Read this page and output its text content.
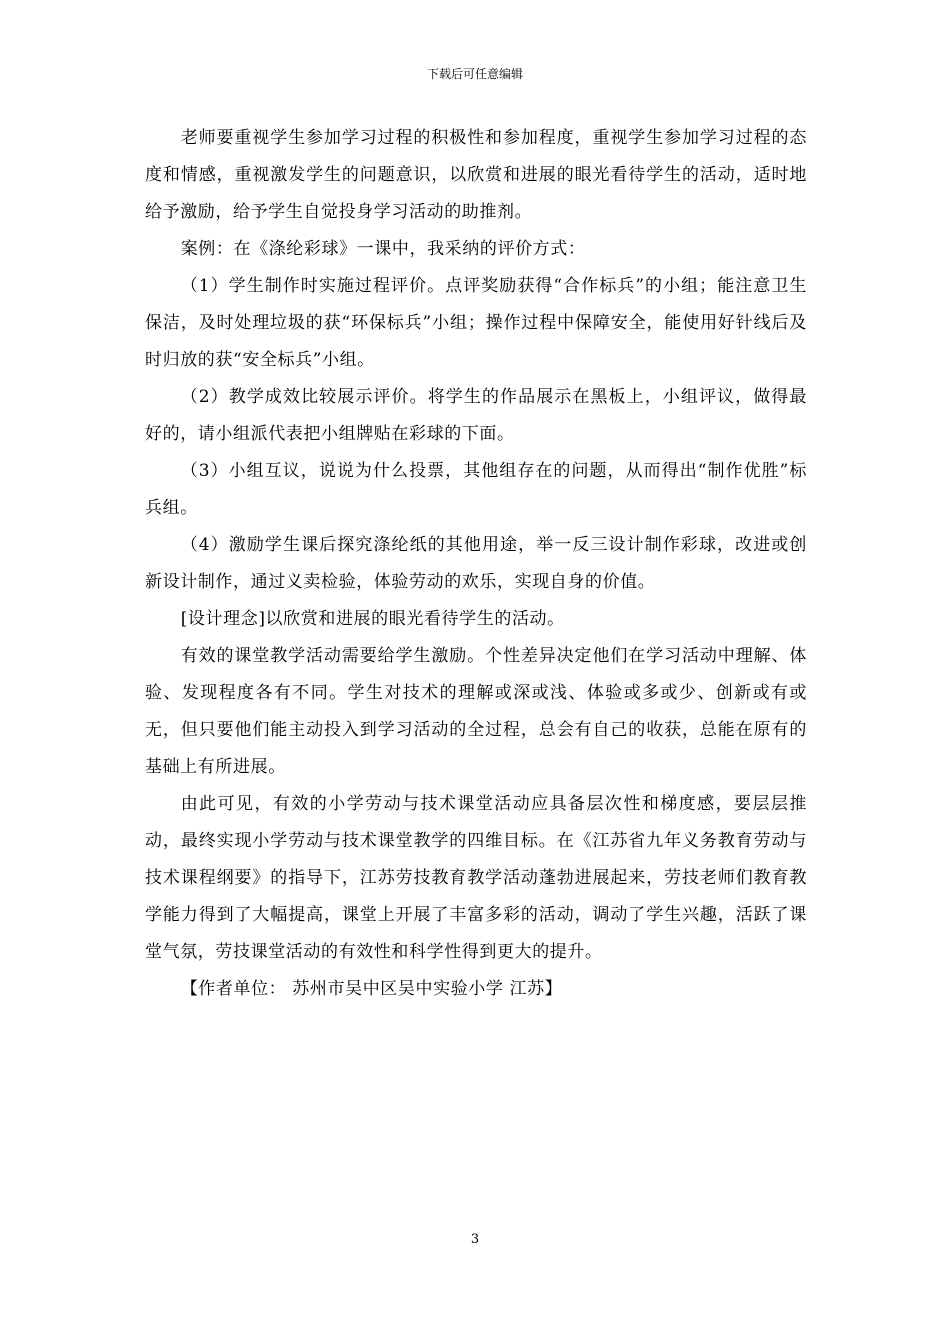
下载后可任意编辑

老师要重视学生参加学习过程的积极性和参加程度，重视学生参加学习过程的态度和情感，重视激发学生的问题意识，以欣赏和进展的眼光看待学生的活动，适时地给予激励，给予学生自觉投身学习活动的助推剂。

案例：在《涤纶彩球》一课中，我采纳的评价方式：

（1）学生制作时实施过程评价。点评奖励获得“合作标兵”的小组；能注意卫生保洁，及时处理垃圾的获“环保标兵”小组；操作过程中保障安全，能使用好针线后及时归放的获“安全标兵”小组。

（2）教学成效比较展示评价。将学生的作品展示在黑板上，小组评议，做得最好的，请小组派代表把小组牌贴在彩球的下面。

（3）小组互议，说说为什么投票，其他组存在的问题，从而得出“制作优胜”标兵组。

（4）激励学生课后探究涤纶纸的其他用途，举一反三设计制作彩球，改进或创新设计制作，通过义卖检验，体验劳动的欢乐，实现自身的价值。

[设计理念]以欣赏和进展的眼光看待学生的活动。

有效的课堂教学活动需要给学生激励。个性差异决定他们在学习活动中理解、体验、发现程度各有不同。学生对技术的理解或深或浅、体验或多或少、创新或有或无，但只要他们能主动投入到学习活动的全过程，总会有自己的收获，总能在原有的基础上有所进展。

由此可见，有效的小学劳动与技术课堂活动应具备层次性和梯度感，要层层推动，最终实现小学劳动与技术课堂教学的四维目标。在《江苏省九年义务教育劳动与技术课程纲要》的指导下，江苏劳技教育教学活动蓬勃进展起来，劳技老师们教育教学能力得到了大幅提高，课堂上开展了丰富多彩的活动，调动了学生兴趣，活跃了课堂气氛，劳技课堂活动的有效性和科学性得到更大的提升。

【作者单位： 苏州市吴中区吴中实验小学 江苏】

3
